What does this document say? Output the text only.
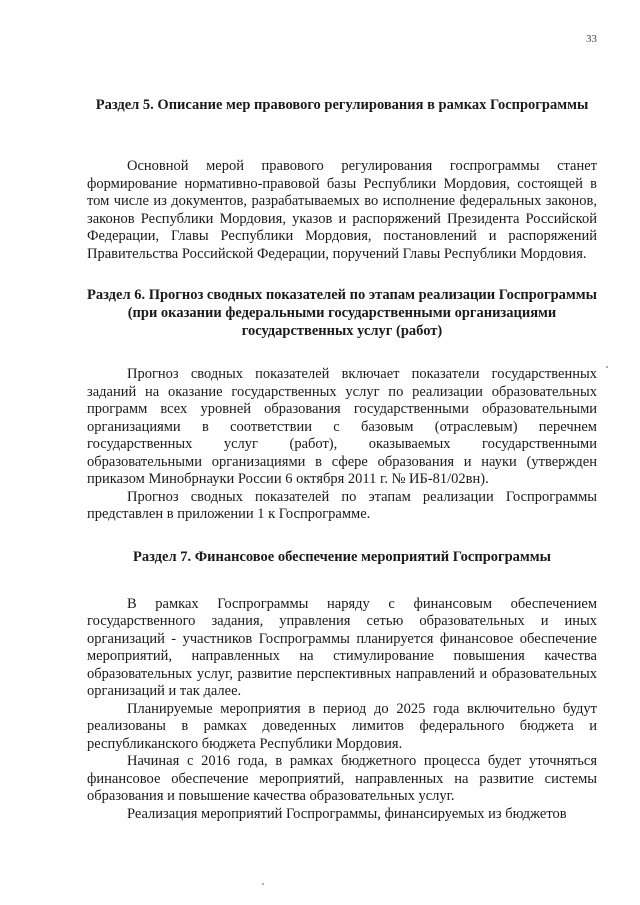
33
Раздел 5. Описание мер правового регулирования в рамках Госпрограммы

Основной мерой правового регулирования госпрограммы станет формирование нормативно-правовой базы Республики Мордовия, состоящей в том числе из документов, разрабатываемых во исполнение федеральных законов, законов Республики Мордовия, указов и распоряжений Президента Российской Федерации, Главы Республики Мордовия, постановлений и распоряжений Правительства Российской Федерации, поручений Главы Республики Мордовия.

Раздел 6. Прогноз сводных показателей по этапам реализации Госпрограммы (при оказании федеральными государственными организациями государственных услуг (работ)

Прогноз сводных показателей включает показатели государственных заданий на оказание государственных услуг по реализации образовательных программ всех уровней образования государственными образовательными организациями в соответствии с базовым (отраслевым) перечнем государственных услуг (работ), оказываемых государственными образовательными организациями в сфере образования и науки (утвержден приказом Минобрнауки России 6 октября 2011 г. № ИБ-81/02вн).

Прогноз сводных показателей по этапам реализации Госпрограммы представлен в приложении 1 к Госпрограмме.

Раздел 7. Финансовое обеспечение мероприятий Госпрограммы

В рамках Госпрограммы наряду с финансовым обеспечением государственного задания, управления сетью образовательных и иных организаций - участников Госпрограммы планируется финансовое обеспечение мероприятий, направленных на стимулирование повышения качества образовательных услуг, развитие перспективных направлений и образовательных организаций и так далее.

Планируемые мероприятия в период до 2025 года включительно будут реализованы в рамках доведенных лимитов федерального бюджета и республиканского бюджета Республики Мордовия.

Начиная с 2016 года, в рамках бюджетного процесса будет уточняться финансовое обеспечение мероприятий, направленных на развитие системы образования и повышение качества образовательных услуг.

Реализация мероприятий Госпрограммы, финансируемых из бюджетов
